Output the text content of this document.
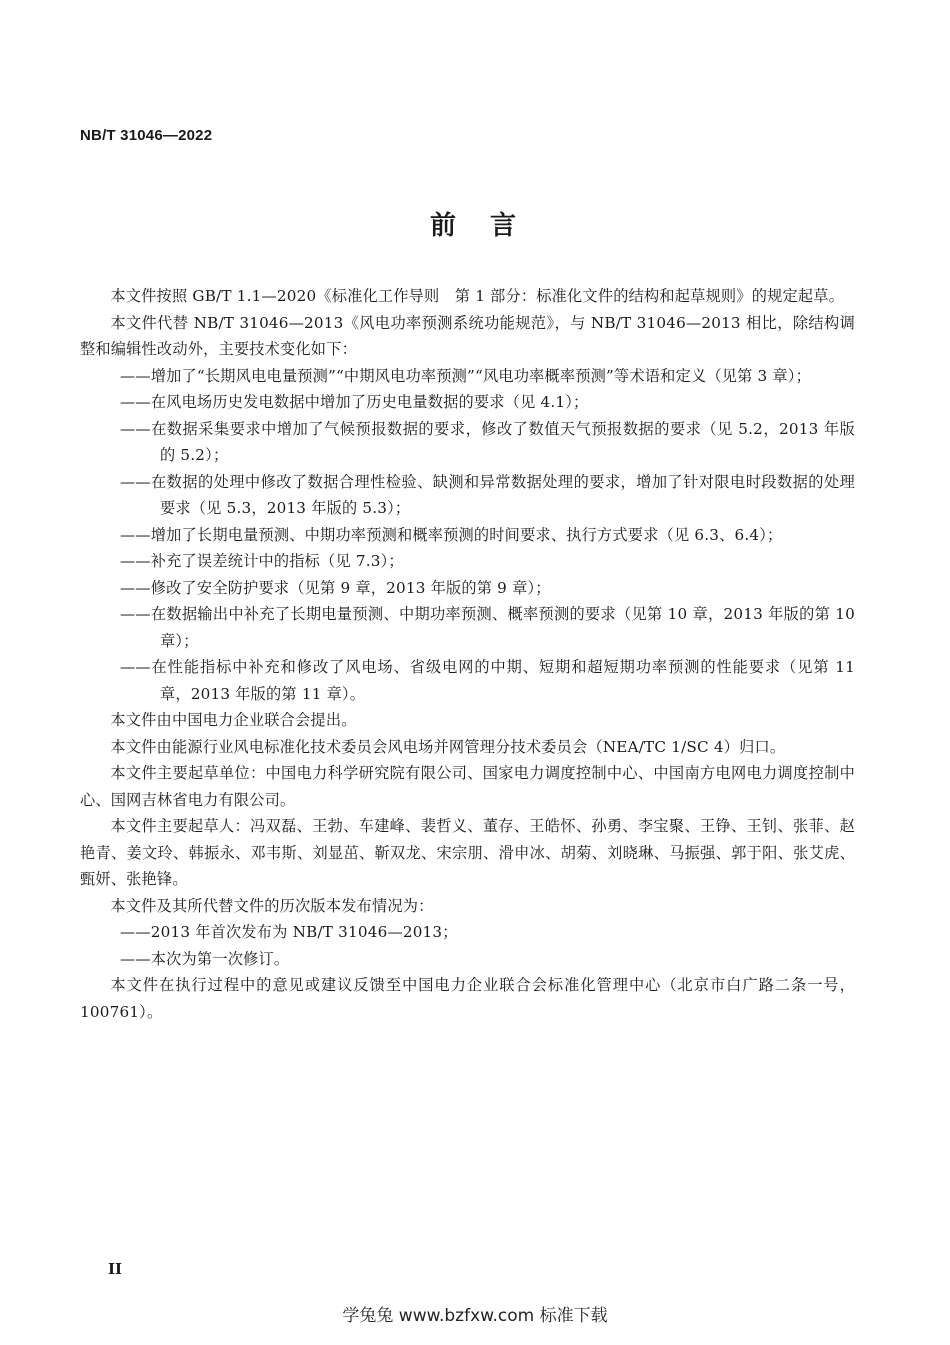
NB/T 31046—2022
前　言

本文件按照 GB/T 1.1—2020《标准化工作导则　第 1 部分：标准化文件的结构和起草规则》的规定起草。

本文件代替 NB/T 31046—2013《风电功率预测系统功能规范》，与 NB/T 31046—2013 相比，除结构调整和编辑性改动外，主要技术变化如下：

——增加了“长期风电电量预测”“中期风电功率预测”“风电功率概率预测”等术语和定义（见第 3 章）；

——在风电场历史发电数据中增加了历史电量数据的要求（见 4.1）；

——在数据采集要求中增加了气候预报数据的要求，修改了数值天气预报数据的要求（见 5.2，2013 年版的 5.2）；

——在数据的处理中修改了数据合理性检验、缺测和异常数据处理的要求，增加了针对限电时段数据的处理要求（见 5.3，2013 年版的 5.3）；

——增加了长期电量预测、中期功率预测和概率预测的时间要求、执行方式要求（见 6.3、6.4）；

——补充了误差统计中的指标（见 7.3）；

——修改了安全防护要求（见第 9 章，2013 年版的第 9 章）；

——在数据输出中补充了长期电量预测、中期功率预测、概率预测的要求（见第 10 章，2013 年版的第 10 章）；

——在性能指标中补充和修改了风电场、省级电网的中期、短期和超短期功率预测的性能要求（见第 11 章，2013 年版的第 11 章）。

本文件由中国电力企业联合会提出。

本文件由能源行业风电标准化技术委员会风电场并网管理分技术委员会（NEA/TC 1/SC 4）归口。

本文件主要起草单位：中国电力科学研究院有限公司、国家电力调度控制中心、中国南方电网电力调度控制中心、国网吉林省电力有限公司。

本文件主要起草人：冯双磊、王勃、车建峰、裴哲义、董存、王皓怀、孙勇、李宝聚、王铮、王钊、张菲、赵艳青、姜文玲、韩振永、邓韦斯、刘显茁、靳双龙、宋宗朋、滑申冰、胡菊、刘晓琳、马振强、郭于阳、张艾虎、甄妍、张艳锋。

本文件及其所代替文件的历次版本发布情况为：

——2013 年首次发布为 NB/T 31046—2013；

——本次为第一次修订。

本文件在执行过程中的意见或建议反馈至中国电力企业联合会标准化管理中心（北京市白广路二条一号，100761）。

II
学兔兔 www.bzfxw.com 标准下载
